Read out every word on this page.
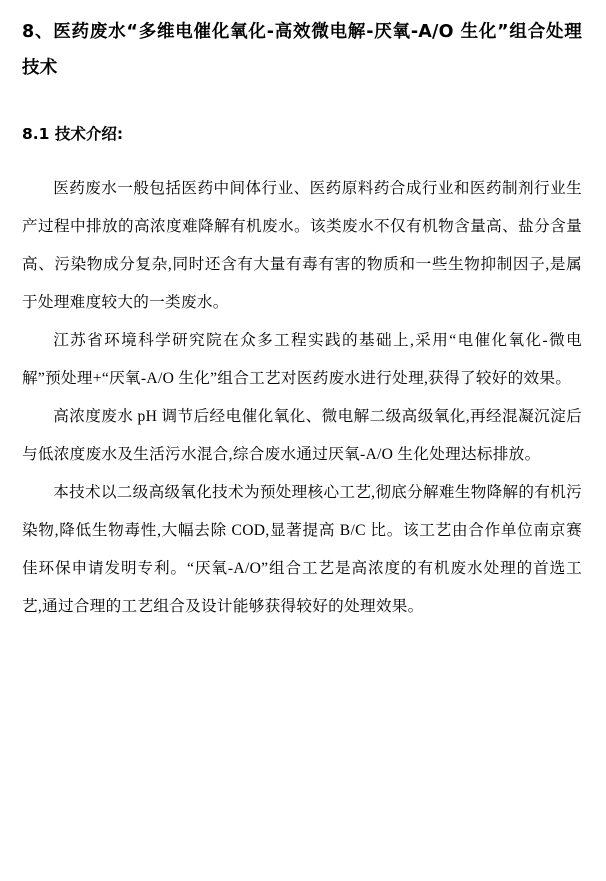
8、医药废水“多维电催化氧化-高效微电解-厌氧-A/O 生化”组合处理技术
8.1 技术介绍:

医药废水一般包括医药中间体行业、医药原料药合成行业和医药制剂行业生产过程中排放的高浓度难降解有机废水。该类废水不仅有机物含量高、盐分含量高、污染物成分复杂,同时还含有大量有毒有害的物质和一些生物抑制因子,是属于处理难度较大的一类废水。

江苏省环境科学研究院在众多工程实践的基础上,采用“电催化氧化-微电解”预处理+“厌氧-A/O 生化”组合工艺对医药废水进行处理,获得了较好的效果。

高浓度废水 pH 调节后经电催化氧化、微电解二级高级氧化,再经混凝沉淀后与低浓度废水及生活污水混合,综合废水通过厌氧-A/O 生化处理达标排放。

本技术以二级高级氧化技术为预处理核心工艺,彻底分解难生物降解的有机污染物,降低生物毒性,大幅去除 COD,显著提高 B/C 比。该工艺由合作单位南京赛佳环保申请发明专利。“厌氧-A/O”组合工艺是高浓度的有机废水处理的首选工艺,通过合理的工艺组合及设计能够获得较好的处理效果。
